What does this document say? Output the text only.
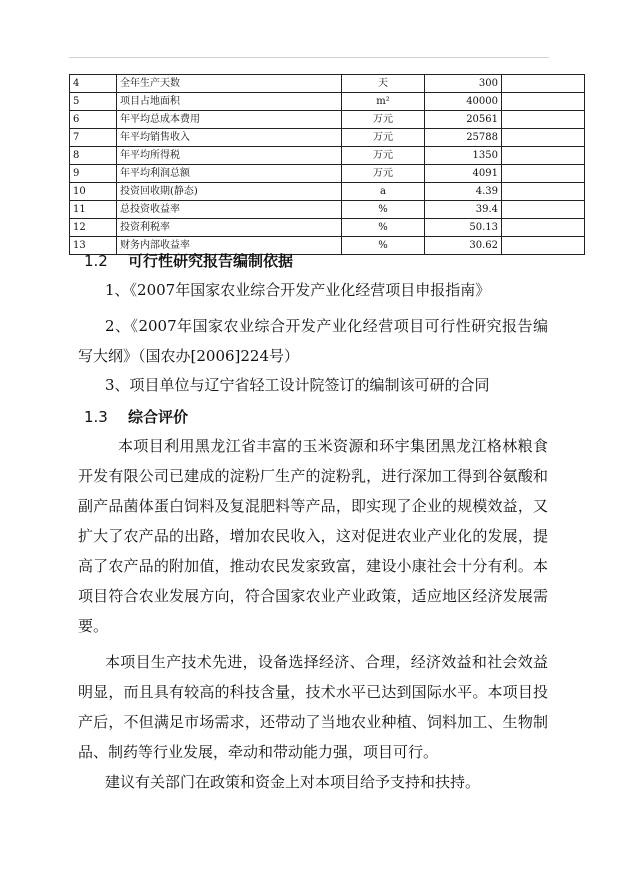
4	全年生产天数	天	300	
5	项目占地面积	m²	40000	
6	年平均总成本费用	万元	20561	
7	年平均销售收入	万元	25788	
8	年平均所得税	万元	1350	
9	年平均利润总额	万元	4091	
10	投资回收期(静态)	a	4.39	
11	总投资收益率	%	39.4	
12	投资利税率	%	50.13	
13	财务内部收益率	%	30.62	
1.2 可行性研究报告编制依据

1、《2007年国家农业综合开发产业化经营项目申报指南》

2、《2007年国家农业综合开发产业化经营项目可行性研究报告编写大纲》（国农办[2006]224号）

3、项目单位与辽宁省轻工设计院签订的编制该可研的合同

1.3 综合评价

本项目利用黑龙江省丰富的玉米资源和环宇集团黑龙江格林粮食开发有限公司已建成的淀粉厂生产的淀粉乳，进行深加工得到谷氨酸和副产品菌体蛋白饲料及复混肥料等产品，即实现了企业的规模效益，又扩大了农产品的出路，增加农民收入，这对促进农业产业化的发展，提高了农产品的附加值，推动农民发家致富，建设小康社会十分有利。本项目符合农业发展方向，符合国家农业产业政策，适应地区经济发展需要。

本项目生产技术先进，设备选择经济、合理，经济效益和社会效益明显，而且具有较高的科技含量，技术水平已达到国际水平。本项目投产后，不但满足市场需求，还带动了当地农业种植、饲料加工、生物制品、制药等行业发展，牵动和带动能力强，项目可行。

建议有关部门在政策和资金上对本项目给予支持和扶持。
